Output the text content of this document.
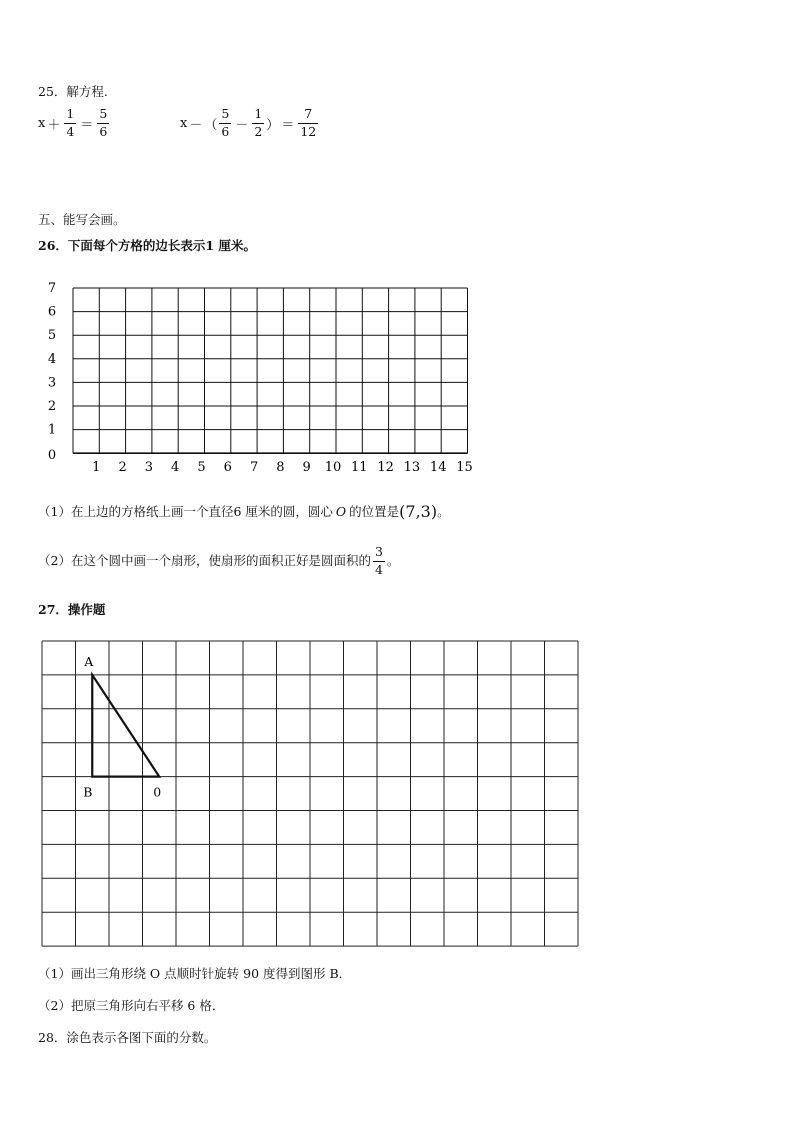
25．解方程.
$x + \frac{1}{4} = \frac{5}{6}$	x － （ $\frac{5}{6} - \frac{1}{2}$ ） ＝ $\frac{7}{12}$
五、能写会画。
26．下面每个方格的边长表示1 厘米。
0
1
2
3
4
5
6
7
1 2 3 4 5 6 7 8 9 10 11 12 13 14 15
（1）在上边的方格纸上画一个直径6 厘米的圆，圆心 O 的位置是 (7,3) 。
（2）在这个圆中画一个扇形，使扇形的面积正好是圆面积的 $\frac{3}{4}$ 。
27．操作题
A
B	0
（1）画出三角形绕 O 点顺时针旋转 90 度得到图形 B．
（2）把原三角形向右平移 6 格．
28．涂色表示各图下面的分数。
